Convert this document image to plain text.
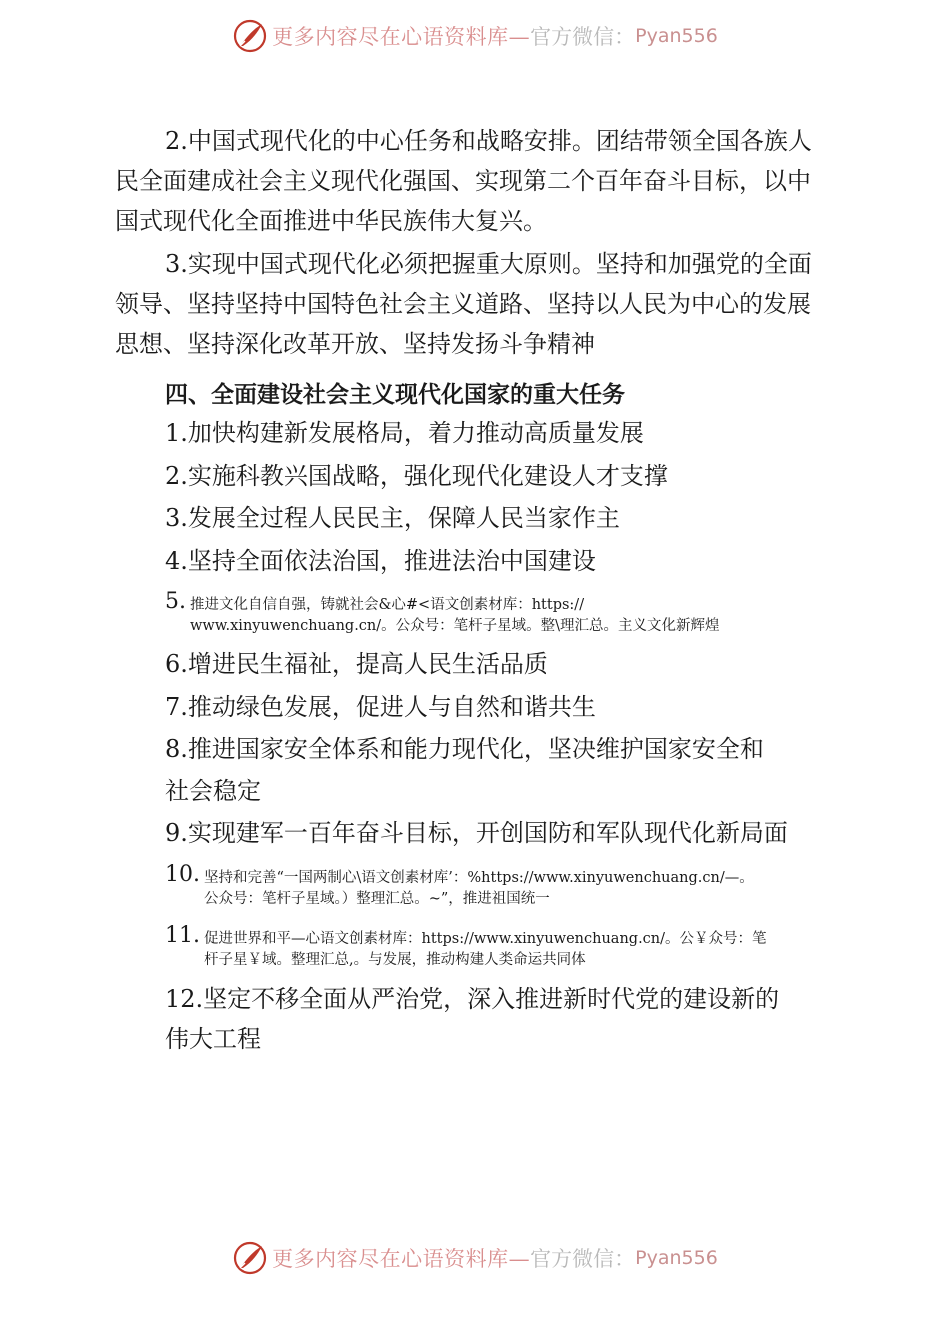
更多内容尽在心语资料库— 官方微信： Pyan556
2.中国式现代化的中心任务和战略安排。团结带领全国各族人
民全面建成社会主义现代化强国、实现第二个百年奋斗目标，以中
国式现代化全面推进中华民族伟大复兴。
3.实现中国式现代化必须把握重大原则。坚持和加强党的全面
领导、坚持坚持中国特色社会主义道路、坚持以人民为中心的发展
思想、坚持深化改革开放、坚持发扬斗争精神
四、全面建设社会主义现代化国家的重大任务
1.加快构建新发展格局，着力推动高质量发展
2.实施科教兴国战略，强化现代化建设人才支撑
3.发展全过程人民民主，保障人民当家作主
4.坚持全面依法治国，推进法治中国建设
5. 推进文化自信自强，铸就社会&心#<语文创素材库：https://
www.xinyuwenchuang.cn/。公众号：笔杆子星域。整\理汇总。主义文化新辉煌
6.增进民生福祉，提高人民生活品质
7.推动绿色发展，促进人与自然和谐共生
8.推进国家安全体系和能力现代化，坚决维护国家安全和
社会稳定
9.实现建军一百年奋斗目标，开创国防和军队现代化新局面
10. 坚持和完善“一国两制心\语文创素材库’：%https://www.xinyuwenchuang.cn/—。
公众号：笔杆子星域。）整理汇总。~”，推进祖国统一
11. 促进世界和平—心语文创素材库：https://www.xinyuwenchuang.cn/。公￥众号：笔
杆子星￥域。整理汇总,。与发展，推动构建人类命运共同体
12.坚定不移全面从严治党，深入推进新时代党的建设新的
伟大工程
更多内容尽在心语资料库— 官方微信： Pyan556
